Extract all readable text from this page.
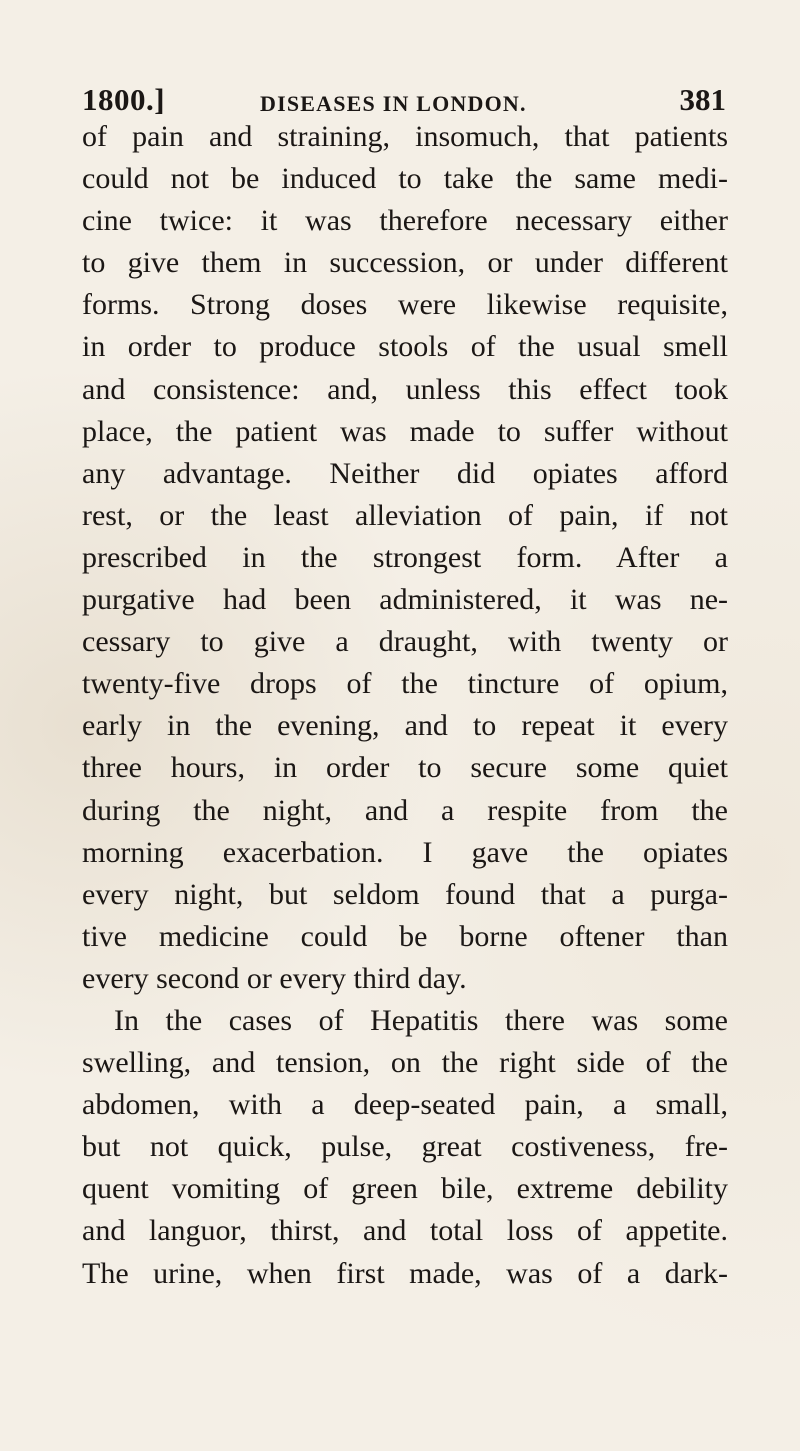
1800.]	DISEASES IN LONDON.	381
of pain and straining, insomuch, that patients
could not be induced to take the same medi-
cine twice: it was therefore necessary either
to give them in succession, or under different
forms. Strong doses were likewise requisite,
in order to produce stools of the usual smell
and consistence: and, unless this effect took
place, the patient was made to suffer without
any advantage. Neither did opiates afford
rest, or the least alleviation of pain, if not
prescribed in the strongest form. After a
purgative had been administered, it was ne-
cessary to give a draught, with twenty or
twenty-five drops of the tincture of opium,
early in the evening, and to repeat it every
three hours, in order to secure some quiet
during the night, and a respite from the
morning exacerbation. I gave the opiates
every night, but seldom found that a purga-
tive medicine could be borne oftener than
every second or every third day.
In the cases of Hepatitis there was some
swelling, and tension, on the right side of the
abdomen, with a deep-seated pain, a small,
but not quick, pulse, great costiveness, fre-
quent vomiting of green bile, extreme debility
and languor, thirst, and total loss of appetite.
The urine, when first made, was of a dark-
